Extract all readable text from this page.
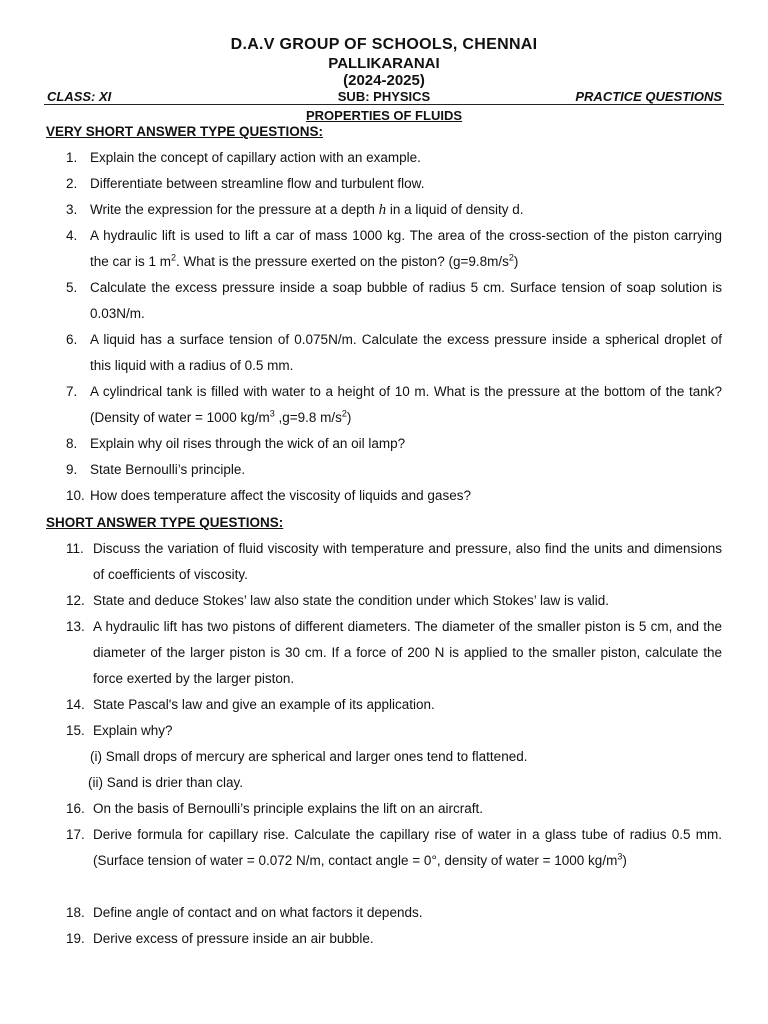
D.A.V GROUP OF SCHOOLS, CHENNAI
PALLIKARANAI
(2024-2025)
SUB: PHYSICS
CLASS: XI	PRACTICE QUESTIONS
PROPERTIES OF FLUIDS
VERY SHORT ANSWER TYPE QUESTIONS:
1. Explain the concept of capillary action with an example.
2. Differentiate between streamline flow and turbulent flow.
3. Write the expression for the pressure at a depth h in a liquid of density d.
4. A hydraulic lift is used to lift a car of mass 1000 kg. The area of the cross-section of the piston carrying the car is 1 $m^2$. What is the pressure exerted on the piston? $(g=9.8m/s^2)$
5. Calculate the excess pressure inside a soap bubble of radius 5 cm. Surface tension of soap solution is 0.03N/m.
6. A liquid has a surface tension of 0.075N/m. Calculate the excess pressure inside a spherical droplet of this liquid with a radius of 0.5 mm.
7. A cylindrical tank is filled with water to a height of 10 m. What is the pressure at the bottom of the tank? (Density of water = 1000 $kg/m^3$ ,g=9.8 $m/s^2$)
8. Explain why oil rises through the wick of an oil lamp?
9. State Bernoulli’s principle.
10. How does temperature affect the viscosity of liquids and gases?
SHORT ANSWER TYPE QUESTIONS:
11. Discuss the variation of fluid viscosity with temperature and pressure, also find the units and dimensions of coefficients of viscosity.
12. State and deduce Stokes’ law also state the condition under which Stokes’ law is valid.
13. A hydraulic lift has two pistons of different diameters. The diameter of the smaller piston is 5 cm, and the diameter of the larger piston is 30 cm. If a force of 200 N is applied to the smaller piston, calculate the force exerted by the larger piston.
14. State Pascal's law and give an example of its application.
15. Explain why?
(i) Small drops of mercury are spherical and larger ones tend to flattened.
(ii) Sand is drier than clay.
16. On the basis of Bernoulli’s principle explains the lift on an aircraft.
17. Derive formula for capillary rise. Calculate the capillary rise of water in a glass tube of radius 0.5 mm. (Surface tension of water = 0.072 N/m, contact angle = 0°, density of water = 1000 $kg/m^3$)
18. Define angle of contact and on what factors it depends.
19. Derive excess of pressure inside an air bubble.
